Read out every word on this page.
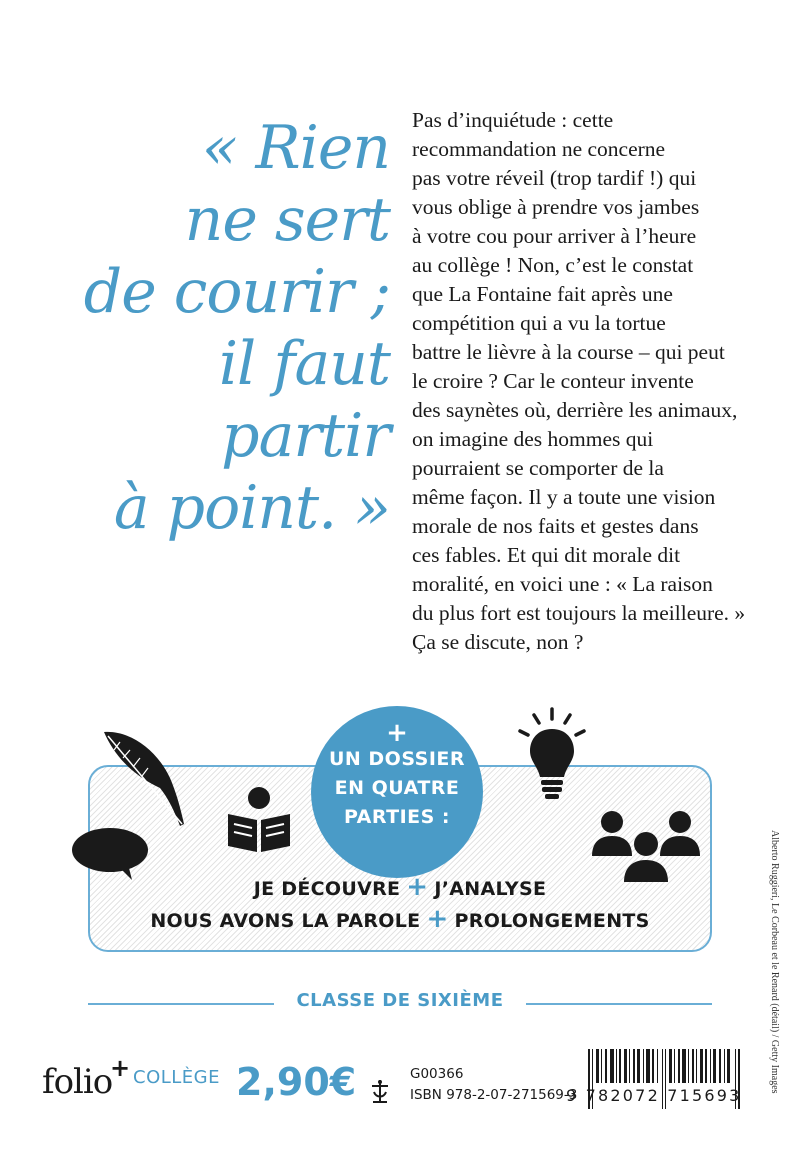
« Rien
ne sert
de courir ;
il faut
partir
à point. »
Pas d’inquiétude : cette
recommandation ne concerne
pas votre réveil (trop tardif !) qui
vous oblige à prendre vos jambes
à votre cou pour arriver à l’heure
au collège ! Non, c’est le constat
que La Fontaine fait après une
compétition qui a vu la tortue
battre le lièvre à la course – qui peut
le croire ? Car le conteur invente
des saynètes où, derrière les animaux,
on imagine des hommes qui
pourraient se comporter de la
même façon. Il y a toute une vision
morale de nos faits et gestes dans
ces fables. Et qui dit morale dit
moralité, en voici une : « La raison
du plus fort est toujours la meilleure. »
Ça se discute, non ?
+
UN DOSSIER
EN QUATRE
PARTIES :
JE DÉCOUVRE + J’ANALYSE
NOUS AVONS LA PAROLE + PROLONGEMENTS
CLASSE DE SIXIÈME
folio
+ COLLÈGE 2,90€	G00366
ISBN 978-2-07-271569-3
9 782072 715693
Alberto Ruggieri, Le Corbeau et le Renard (détail) / Getty Images
